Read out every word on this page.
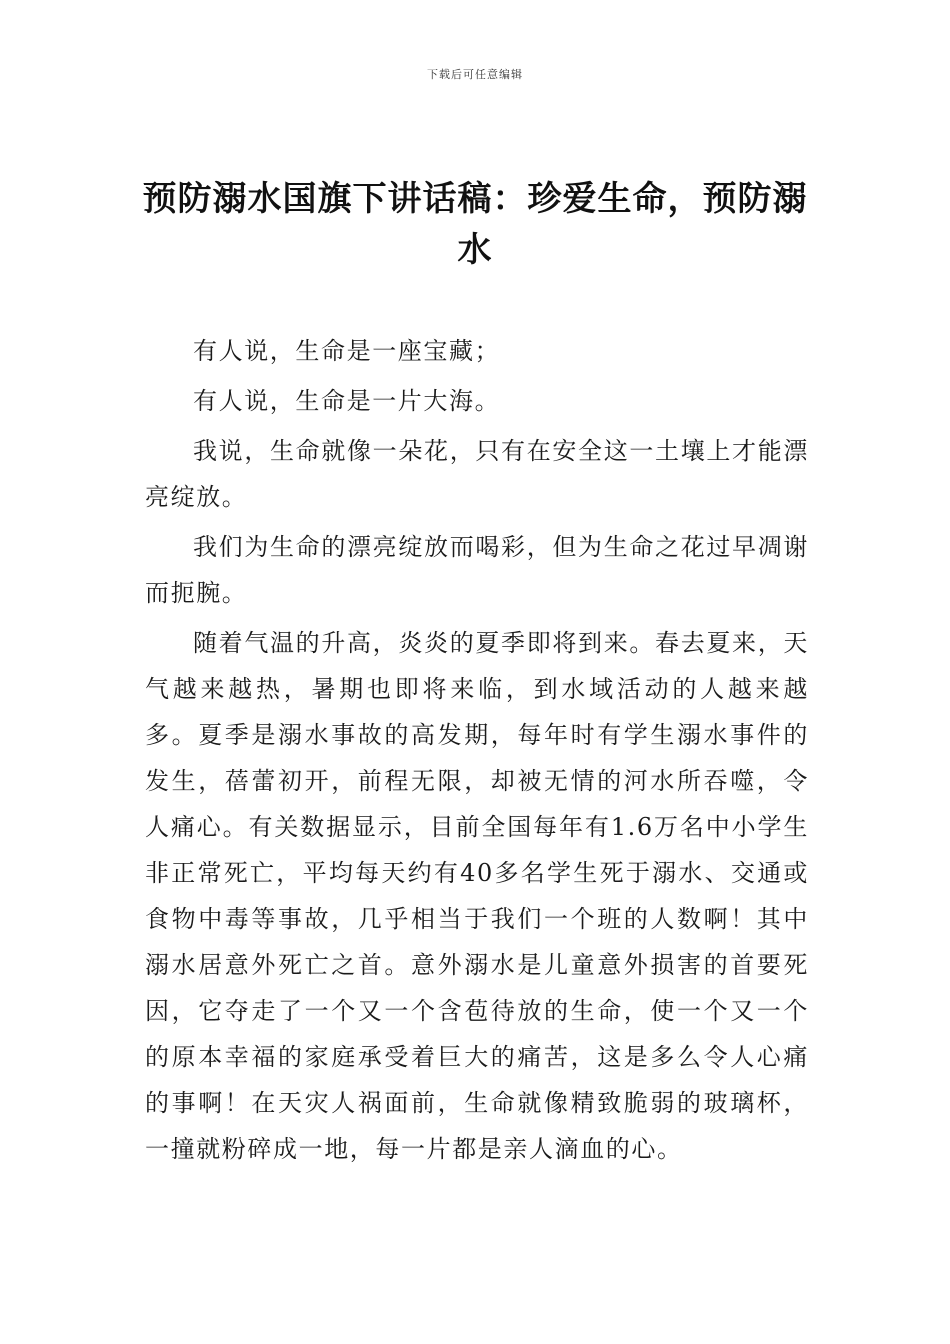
下载后可任意编辑
预防溺水国旗下讲话稿：珍爱生命，预防溺水

有人说，生命是一座宝藏；

有人说，生命是一片大海。

我说，生命就像一朵花，只有在安全这一土壤上才能漂亮绽放。

我们为生命的漂亮绽放而喝彩，但为生命之花过早凋谢而扼腕。

随着气温的升高，炎炎的夏季即将到来。春去夏来，天气越来越热，暑期也即将来临，到水域活动的人越来越多。夏季是溺水事故的高发期，每年时有学生溺水事件的发生，蓓蕾初开，前程无限，却被无情的河水所吞噬，令人痛心。有关数据显示，目前全国每年有1.6万名中小学生非正常死亡，平均每天约有40多名学生死于溺水、交通或食物中毒等事故，几乎相当于我们一个班的人数啊！其中溺水居意外死亡之首。意外溺水是儿童意外损害的首要死因，它夺走了一个又一个含苞待放的生命，使一个又一个的原本幸福的家庭承受着巨大的痛苦，这是多么令人心痛的事啊！在天灾人祸面前，生命就像精致脆弱的玻璃杯，一撞就粉碎成一地，每一片都是亲人滴血的心。
